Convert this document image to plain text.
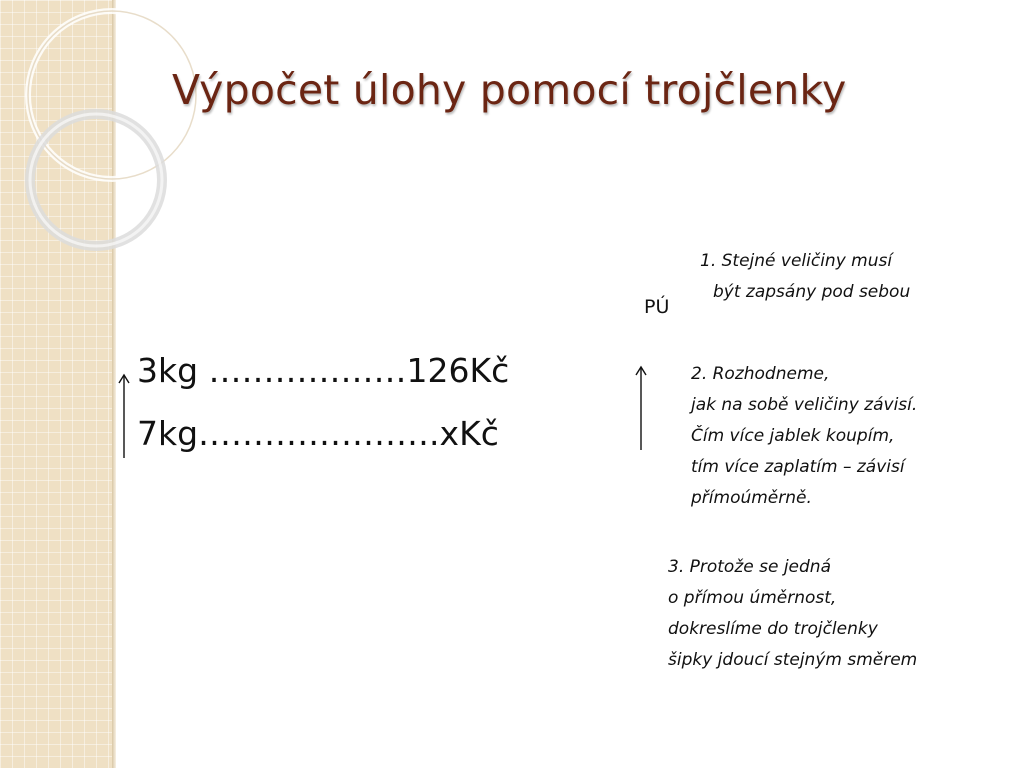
Výpočet úlohy pomocí trojčlenky
3kg ………………126Kč
7kg………………….xKč
PÚ
1. Stejné veličiny musí
být zapsány pod sebou
2. Rozhodneme,
jak na sobě veličiny závisí.
Čím více jablek koupím,
tím více zaplatím – závisí
přímoúměrně.
3. Protože se jedná
o přímou úměrnost,
dokreslíme do trojčlenky
šipky jdoucí stejným směrem
